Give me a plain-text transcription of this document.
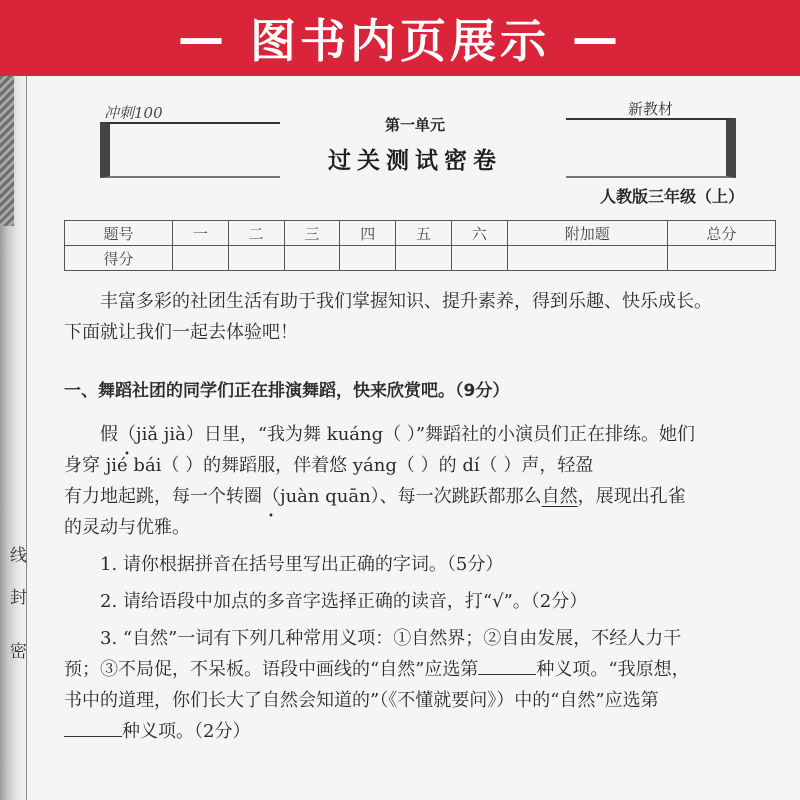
— 图书内页展示 —
线
封
密
冲刺100	新教材
第一单元
过关测试密卷
人教版三年级（上）
题号	一	二	三	四	五	六	附加题	总分
得分								

丰富多彩的社团生活有助于我们掌握知识、提升素养，得到乐趣、快乐成长。

下面就让我们一起去体验吧！

一、舞蹈社团的同学们正在排演舞蹈，快来欣赏吧。（9分）

假（jiǎ jià）日里，“我为舞 kuáng（ ）”舞蹈社的小演员们正在排练。她们
身穿 jié bái（ ）的舞蹈服，伴着悠 yáng（ ）的 dí（ ）声，轻盈
有力地起跳，每一个转圈（juàn quān）、每一次跳跃都那么自然，展现出孔雀
的灵动与优雅。

1. 请你根据拼音在括号里写出正确的字词。（5分）

2. 请给语段中加点的多音字选择正确的读音，打“√”。（2分）

3. “自然”一词有下列几种常用义项：①自然界；②自由发展，不经人力干
预；③不局促，不呆板。语段中画线的“自然”应选第	种义项。“我原想，
书中的道理，你们长大了自然会知道的”（《不懂就要问》）中的“自然”应选第
种义项。（2分）
